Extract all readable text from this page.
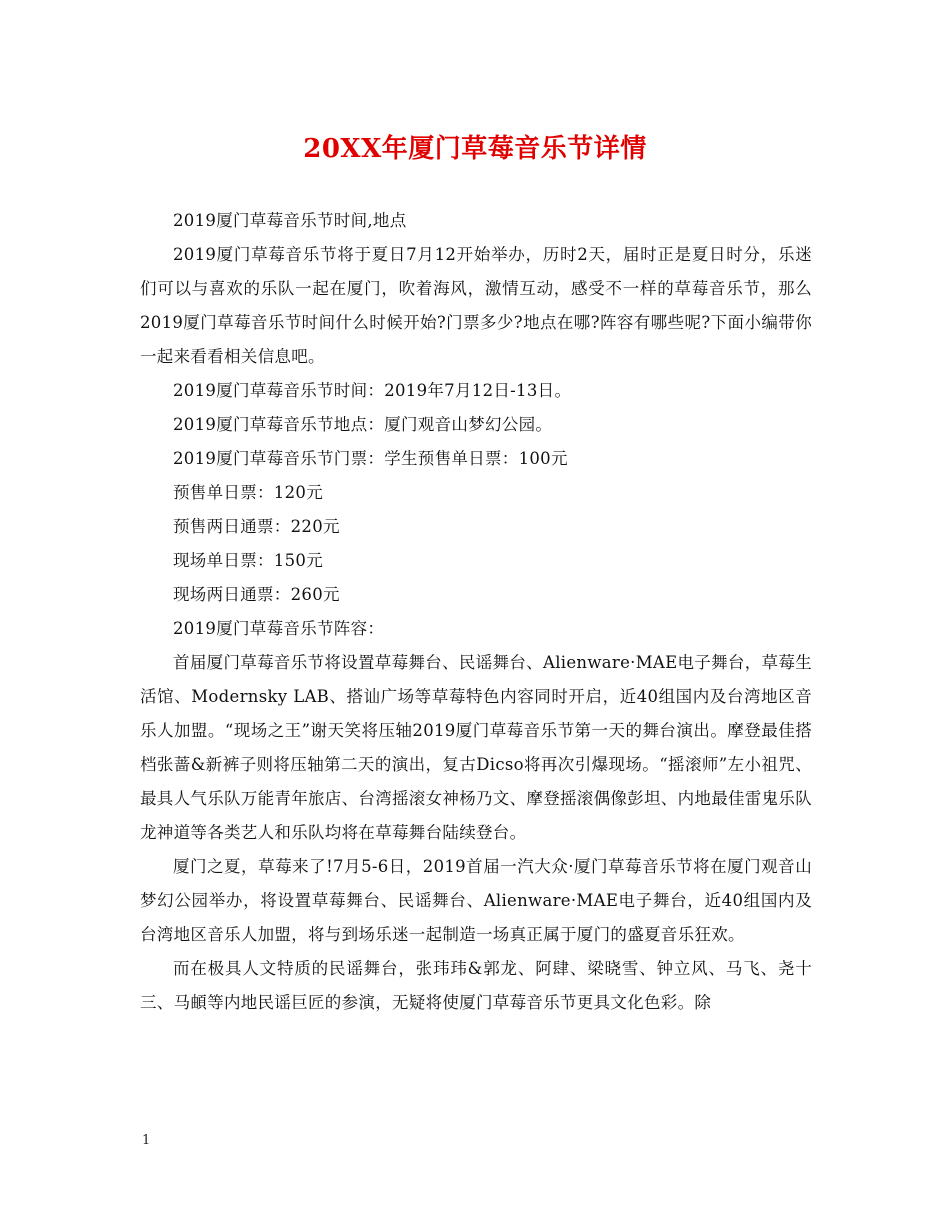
20XX年厦门草莓音乐节详情

2019厦门草莓音乐节时间,地点

2019厦门草莓音乐节将于夏日7月12开始举办，历时2天，届时正是夏日时分，乐迷们可以与喜欢的乐队一起在厦门，吹着海风，激情互动，感受不一样的草莓音乐节，那么2019厦门草莓音乐节时间什么时候开始?门票多少?地点在哪?阵容有哪些呢?下面小编带你一起来看看相关信息吧。

2019厦门草莓音乐节时间：2019年7月12日-13日。

2019厦门草莓音乐节地点：厦门观音山梦幻公园。

2019厦门草莓音乐节门票：学生预售单日票：100元

预售单日票：120元

预售两日通票：220元

现场单日票：150元

现场两日通票：260元

2019厦门草莓音乐节阵容：

首届厦门草莓音乐节将设置草莓舞台、民谣舞台、Alienware·MAE电子舞台，草莓生活馆、Modernsky LAB、搭讪广场等草莓特色内容同时开启，近40组国内及台湾地区音乐人加盟。“现场之王”谢天笑将压轴2019厦门草莓音乐节第一天的舞台演出。摩登最佳搭档张蔷&新裤子则将压轴第二天的演出，复古Dicso将再次引爆现场。“摇滚师”左小祖咒、最具人气乐队万能青年旅店、台湾摇滚女神杨乃文、摩登摇滚偶像彭坦、内地最佳雷鬼乐队龙神道等各类艺人和乐队均将在草莓舞台陆续登台。

厦门之夏，草莓来了!7月5-6日，2019首届一汽大众·厦门草莓音乐节将在厦门观音山梦幻公园举办，将设置草莓舞台、民谣舞台、Alienware·MAE电子舞台，近40组国内及台湾地区音乐人加盟，将与到场乐迷一起制造一场真正属于厦门的盛夏音乐狂欢。

而在极具人文特质的民谣舞台，张玮玮&郭龙、阿肆、梁晓雪、钟立风、马飞、尧十三、马頔等内地民谣巨匠的参演，无疑将使厦门草莓音乐节更具文化色彩。除

1
